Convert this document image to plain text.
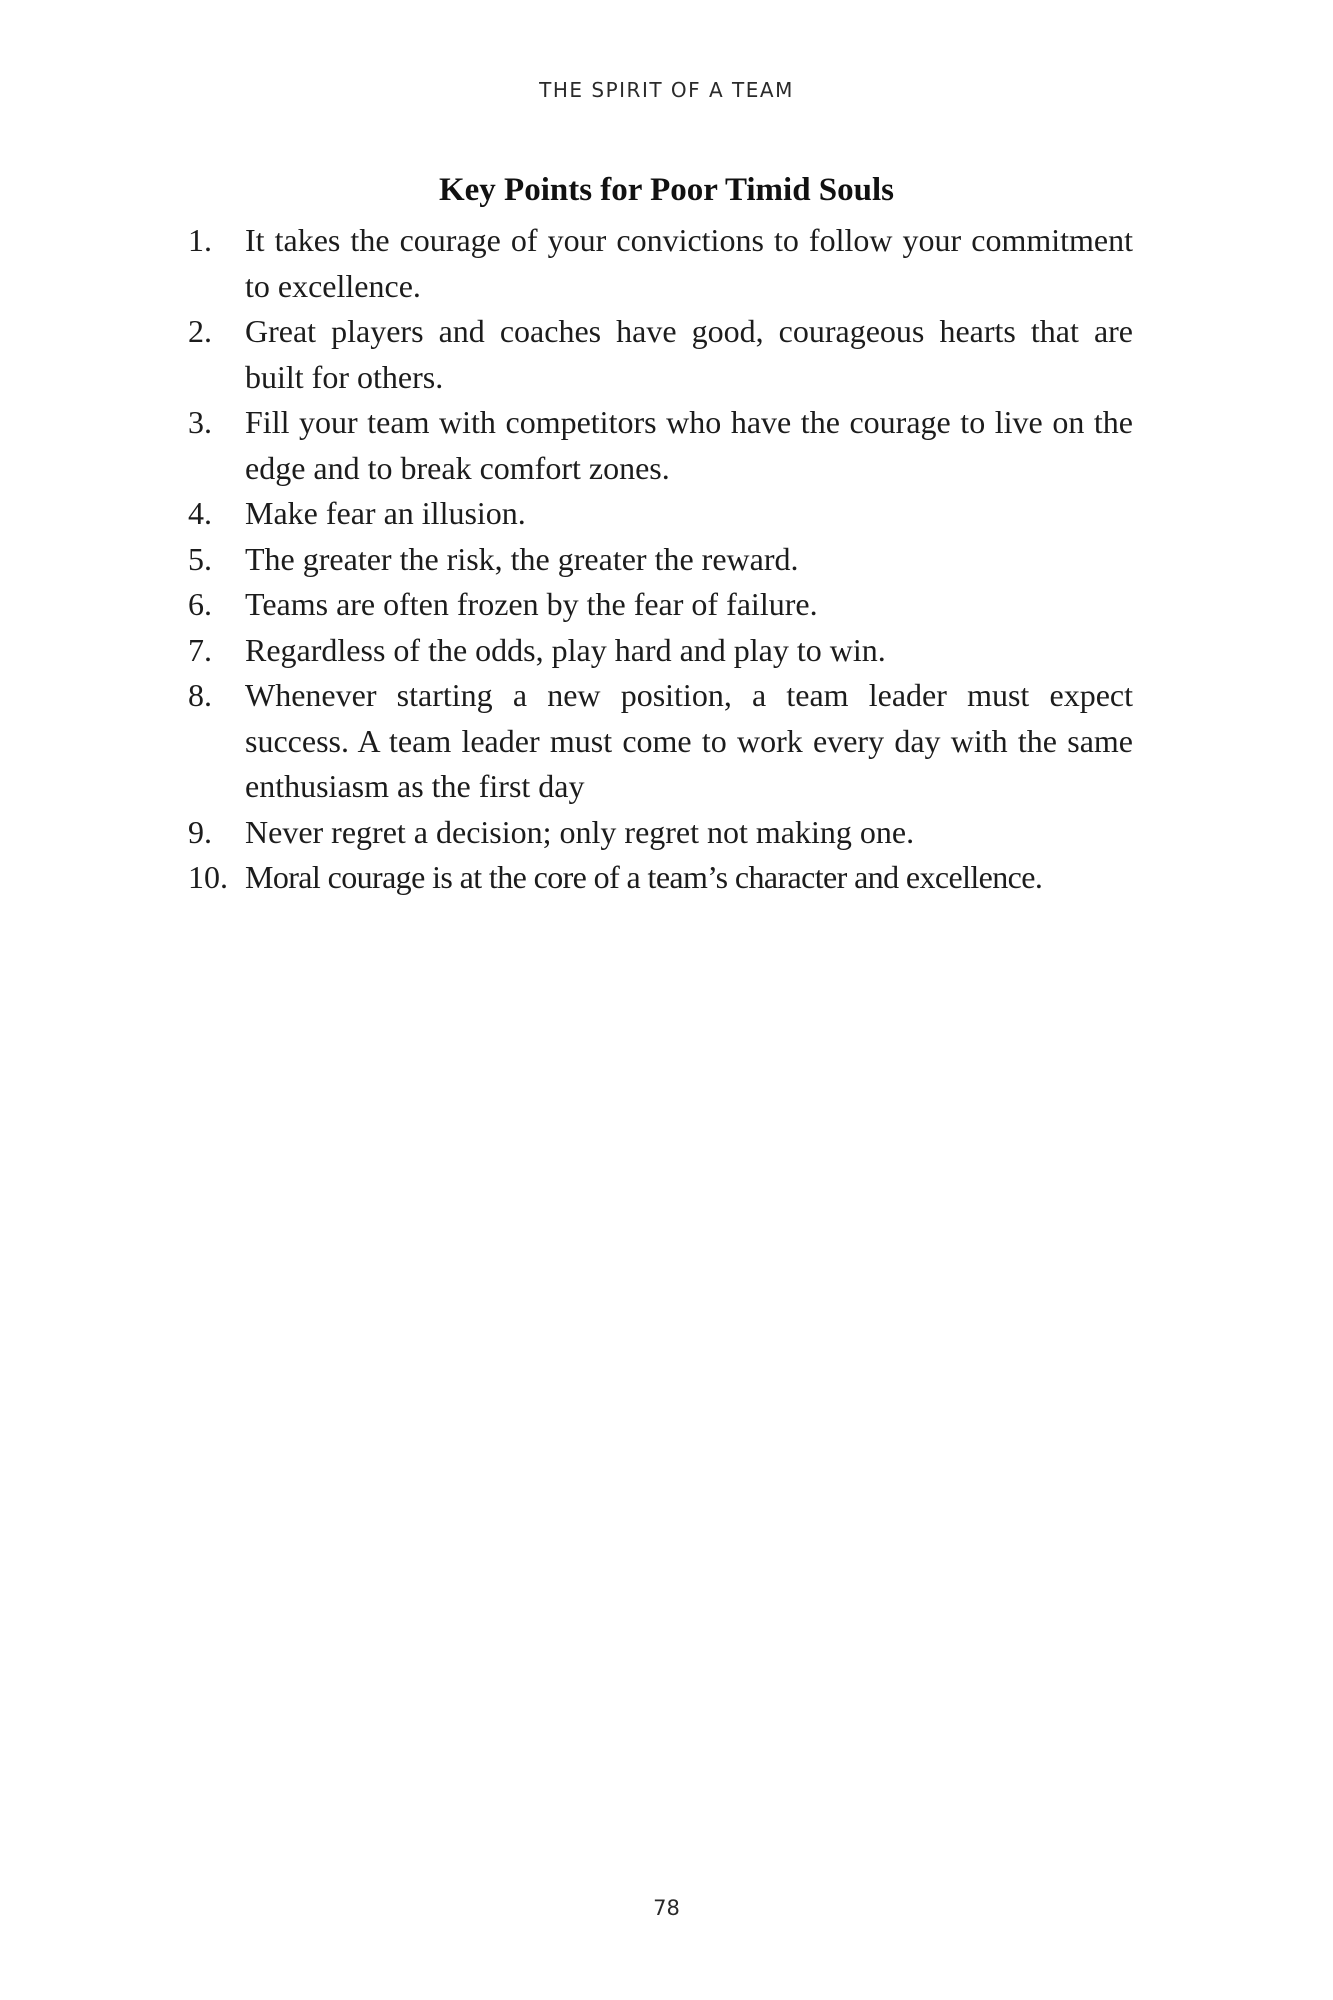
THE SPIRIT OF A TEAM
Key Points for Poor Timid Souls
1. It takes the courage of your convictions to follow your commitment to excellence.
2. Great players and coaches have good, courageous hearts that are built for others.
3. Fill your team with competitors who have the courage to live on the edge and to break comfort zones.
4. Make fear an illusion.
5. The greater the risk, the greater the reward.
6. Teams are often frozen by the fear of failure.
7. Regardless of the odds, play hard and play to win.
8. Whenever starting a new position, a team leader must expect success. A team leader must come to work every day with the same enthusiasm as the first day
9. Never regret a decision; only regret not making one.
10. Moral courage is at the core of a team’s character and excellence.
78
